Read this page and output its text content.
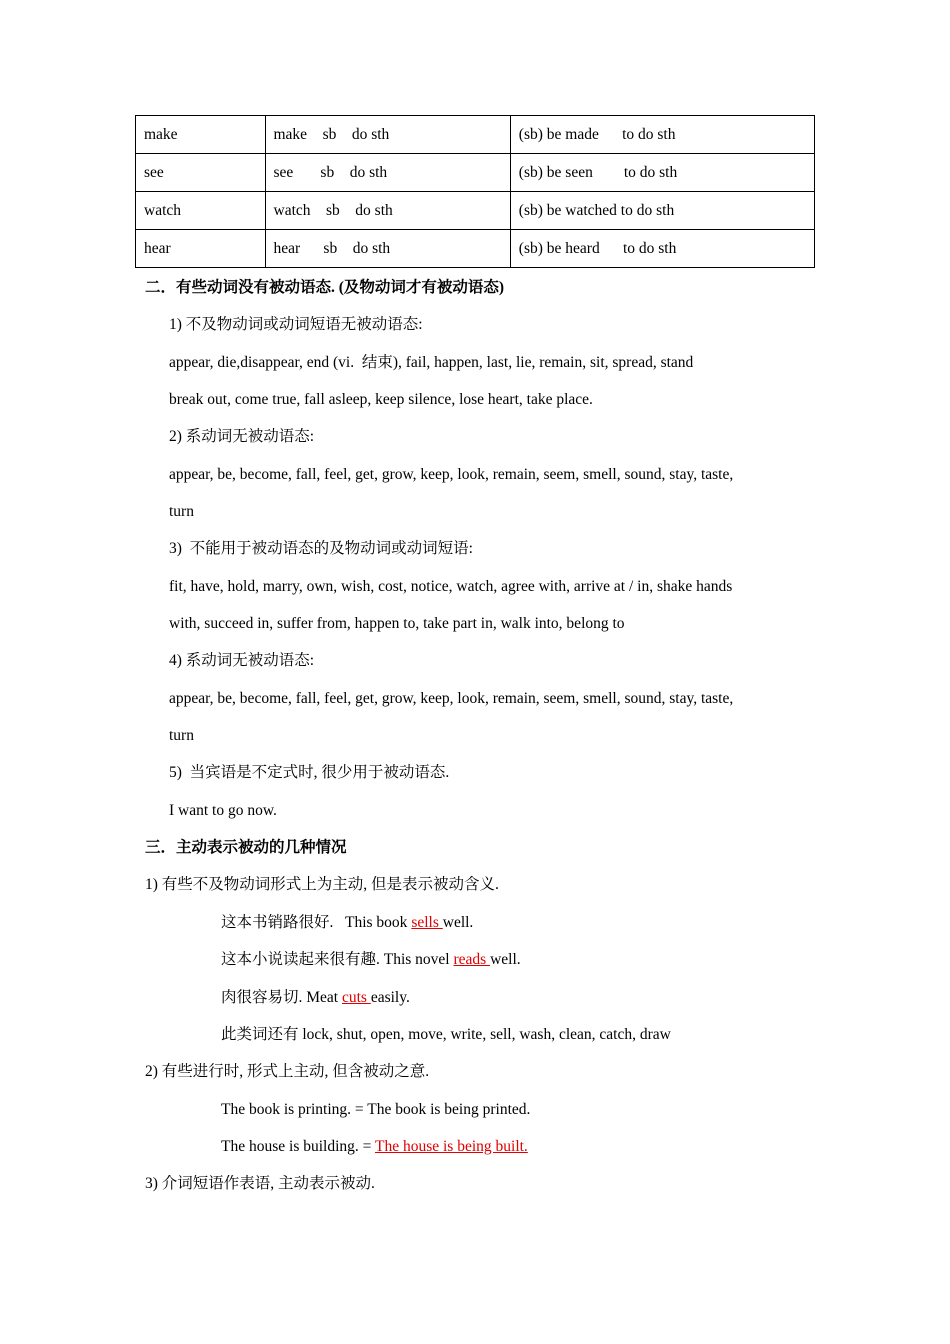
make	make    sb    do sth	(sb) be made      to do sth
see	see       sb    do sth	(sb) be seen        to do sth
watch	watch    sb    do sth	(sb) be watched to do sth
hear	hear      sb    do sth	(sb) be heard      to do sth
二．有些动词没有被动语态. (及物动词才有被动语态)
1) 不及物动词或动词短语无被动语态:
appear, die,disappear, end (vi.  结束), fail, happen, last, lie, remain, sit, spread, stand
break out, come true, fall asleep, keep silence, lose heart, take place.
2) 系动词无被动语态:
appear, be, become, fall, feel, get, grow, keep, look, remain, seem, smell, sound, stay, taste,
turn
3)  不能用于被动语态的及物动词或动词短语:
fit, have, hold, marry, own, wish, cost, notice, watch, agree with, arrive at / in, shake hands
with, succeed in, suffer from, happen to, take part in, walk into, belong to
4) 系动词无被动语态:
appear, be, become, fall, feel, get, grow, keep, look, remain, seem, smell, sound, stay, taste,
turn
5)  当宾语是不定式时, 很少用于被动语态.
I want to go now.
三．主动表示被动的几种情况
1) 有些不及物动词形式上为主动, 但是表示被动含义.
这本书销路很好.   This book sells well.
这本小说读起来很有趣. This novel reads well.
肉很容易切. Meat cuts easily.
此类词还有 lock, shut, open, move, write, sell, wash, clean, catch, draw
2) 有些进行时, 形式上主动, 但含被动之意.
The book is printing. = The book is being printed.
The house is building. = The house is being built.
3) 介词短语作表语, 主动表示被动.
